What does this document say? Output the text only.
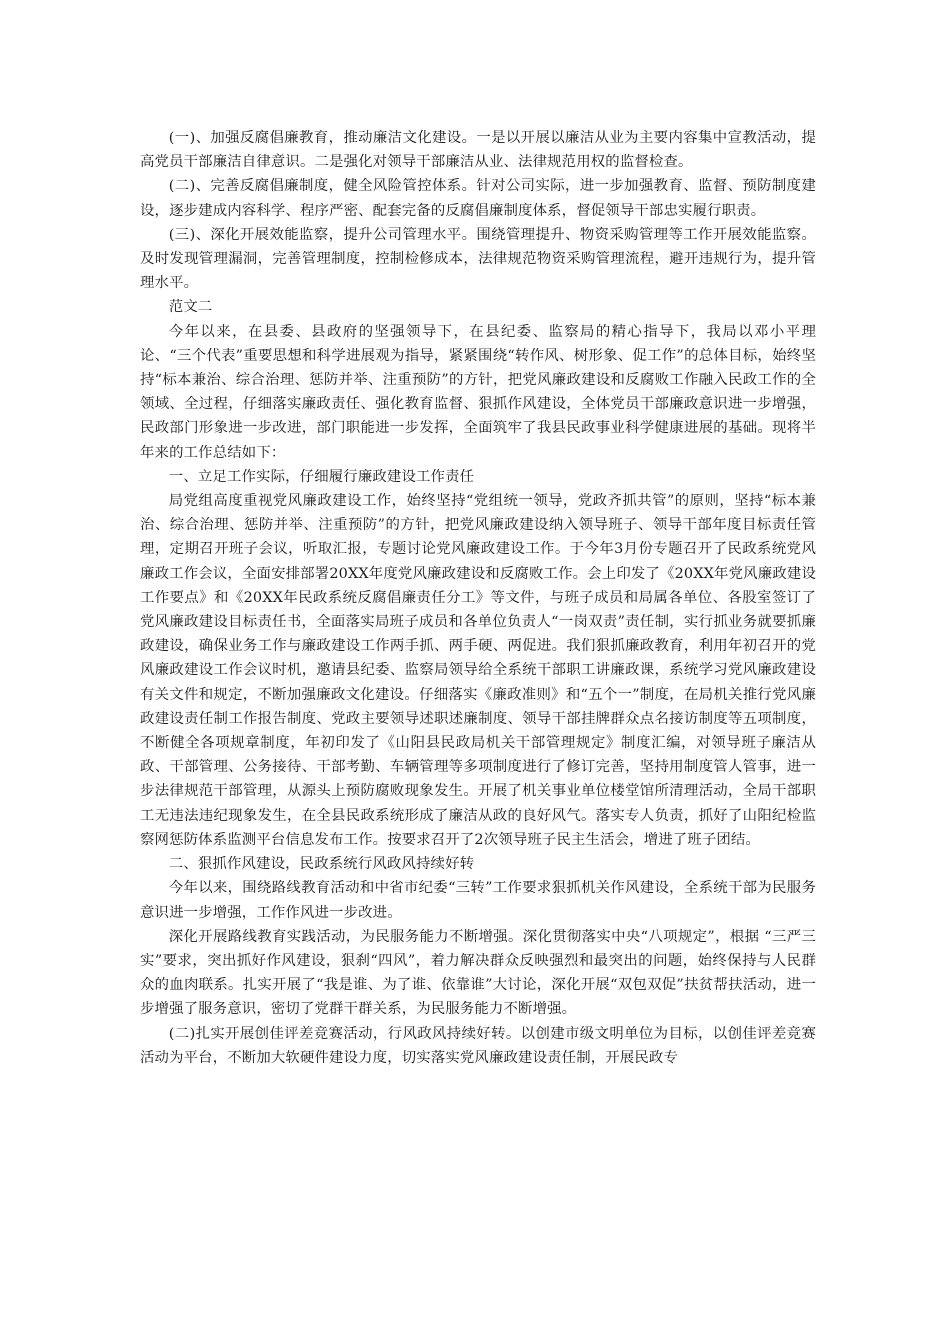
(一)、加强反腐倡廉教育，推动廉洁文化建设。一是以开展以廉洁从业为主要内容集中宣教活动，提高党员干部廉洁自律意识。二是强化对领导干部廉洁从业、法律规范用权的监督检查。

(二)、完善反腐倡廉制度，健全风险管控体系。针对公司实际，进一步加强教育、监督、预防制度建设，逐步建成内容科学、程序严密、配套完备的反腐倡廉制度体系，督促领导干部忠实履行职责。

(三)、深化开展效能监察，提升公司管理水平。围绕管理提升、物资采购管理等工作开展效能监察。及时发现管理漏洞，完善管理制度，控制检修成本，法律规范物资采购管理流程，避开违规行为，提升管理水平。

范文二

今年以来，在县委、县政府的坚强领导下，在县纪委、监察局的精心指导下，我局以邓小平理论、“三个代表”重要思想和科学进展观为指导，紧紧围绕“转作风、树形象、促工作”的总体目标，始终坚持“标本兼治、综合治理、惩防并举、注重预防”的方针，把党风廉政建设和反腐败工作融入民政工作的全领域、全过程，仔细落实廉政责任、强化教育监督、狠抓作风建设，全体党员干部廉政意识进一步增强，民政部门形象进一步改进，部门职能进一步发挥，全面筑牢了我县民政事业科学健康进展的基础。现将半年来的工作总结如下：

一、立足工作实际，仔细履行廉政建设工作责任

局党组高度重视党风廉政建设工作，始终坚持“党组统一领导，党政齐抓共管”的原则，坚持“标本兼治、综合治理、惩防并举、注重预防”的方针，把党风廉政建设纳入领导班子、领导干部年度目标责任管理，定期召开班子会议，听取汇报，专题讨论党风廉政建设工作。于今年3月份专题召开了民政系统党风廉政工作会议，全面安排部署20XX年度党风廉政建设和反腐败工作。会上印发了《20XX年党风廉政建设工作要点》和《20XX年民政系统反腐倡廉责任分工》等文件，与班子成员和局属各单位、各股室签订了党风廉政建设目标责任书，全面落实局班子成员和各单位负责人“一岗双责”责任制，实行抓业务就要抓廉政建设，确保业务工作与廉政建设工作两手抓、两手硬、两促进。我们狠抓廉政教育，利用年初召开的党风廉政建设工作会议时机，邀请县纪委、监察局领导给全系统干部职工讲廉政课，系统学习党风廉政建设有关文件和规定，不断加强廉政文化建设。仔细落实《廉政准则》和“五个一”制度，在局机关推行党风廉政建设责任制工作报告制度、党政主要领导述职述廉制度、领导干部挂牌群众点名接访制度等五项制度，不断健全各项规章制度，年初印发了《山阳县民政局机关干部管理规定》制度汇编，对领导班子廉洁从政、干部管理、公务接待、干部考勤、车辆管理等多项制度进行了修订完善，坚持用制度管人管事，进一步法律规范干部管理，从源头上预防腐败现象发生。开展了机关事业单位楼堂馆所清理活动，全局干部职工无违法违纪现象发生，在全县民政系统形成了廉洁从政的良好风气。落实专人负责，抓好了山阳纪检监察网惩防体系监测平台信息发布工作。按要求召开了2次领导班子民主生活会，增进了班子团结。

二、狠抓作风建设，民政系统行风政风持续好转

今年以来，围绕路线教育活动和中省市纪委“三转”工作要求狠抓机关作风建设，全系统干部为民服务意识进一步增强，工作作风进一步改进。

深化开展路线教育实践活动，为民服务能力不断增强。深化贯彻落实中央“八项规定”，根据 “三严三实”要求，突出抓好作风建设，狠刹“四风”，着力解决群众反映强烈和最突出的问题，始终保持与人民群众的血肉联系。扎实开展了“我是谁、为了谁、依靠谁”大讨论，深化开展“双包双促”扶贫帮扶活动，进一步增强了服务意识，密切了党群干群关系，为民服务能力不断增强。

(二)扎实开展创佳评差竞赛活动，行风政风持续好转。以创建市级文明单位为目标，以创佳评差竞赛活动为平台，不断加大软硬件建设力度，切实落实党风廉政建设责任制，开展民政专
